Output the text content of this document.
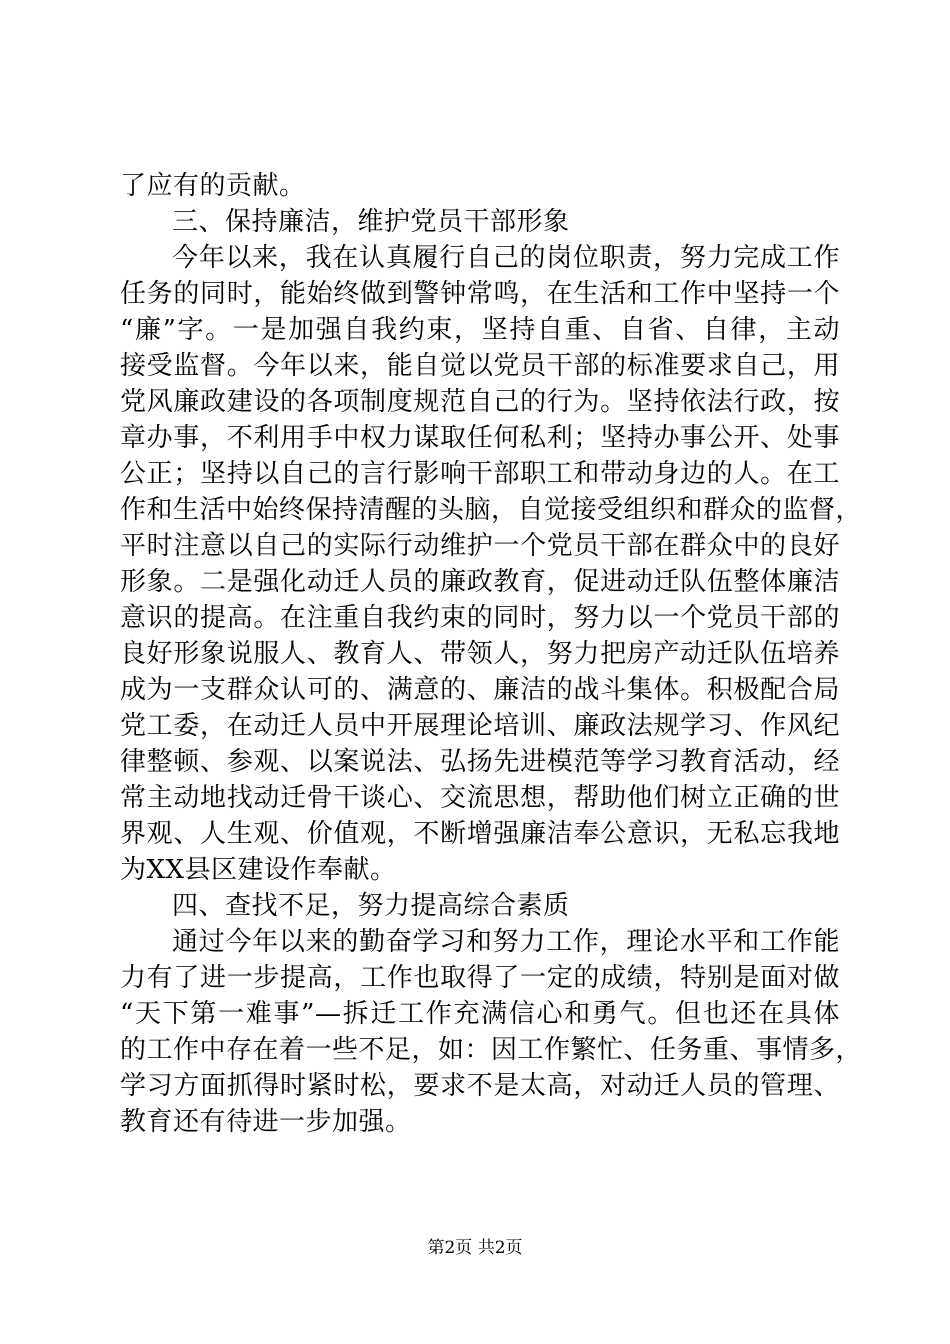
了应有的贡献。
三、保持廉洁，维护党员干部形象
今年以来，我在认真履行自己的岗位职责，努力完成工作
任务的同时，能始终做到警钟常鸣，在生活和工作中坚持一个
“廉”字。一是加强自我约束，坚持自重、自省、自律，主动
接受监督。今年以来，能自觉以党员干部的标准要求自己，用
党风廉政建设的各项制度规范自己的行为。坚持依法行政，按
章办事，不利用手中权力谋取任何私利；坚持办事公开、处事
公正；坚持以自己的言行影响干部职工和带动身边的人。在工
作和生活中始终保持清醒的头脑，自觉接受组织和群众的监督，
平时注意以自己的实际行动维护一个党员干部在群众中的良好
形象。二是强化动迁人员的廉政教育，促进动迁队伍整体廉洁
意识的提高。在注重自我约束的同时，努力以一个党员干部的
良好形象说服人、教育人、带领人，努力把房产动迁队伍培养
成为一支群众认可的、满意的、廉洁的战斗集体。积极配合局
党工委，在动迁人员中开展理论培训、廉政法规学习、作风纪
律整顿、参观、以案说法、弘扬先进模范等学习教育活动，经
常主动地找动迁骨干谈心、交流思想，帮助他们树立正确的世
界观、人生观、价值观，不断增强廉洁奉公意识，无私忘我地
为XX县区建设作奉献。
四、查找不足，努力提高综合素质
通过今年以来的勤奋学习和努力工作，理论水平和工作能
力有了进一步提高，工作也取得了一定的成绩，特别是面对做
“天下第一难事”—拆迁工作充满信心和勇气。但也还在具体
的工作中存在着一些不足，如：因工作繁忙、任务重、事情多，
学习方面抓得时紧时松，要求不是太高，对动迁人员的管理、
教育还有待进一步加强。
第2页 共2页
